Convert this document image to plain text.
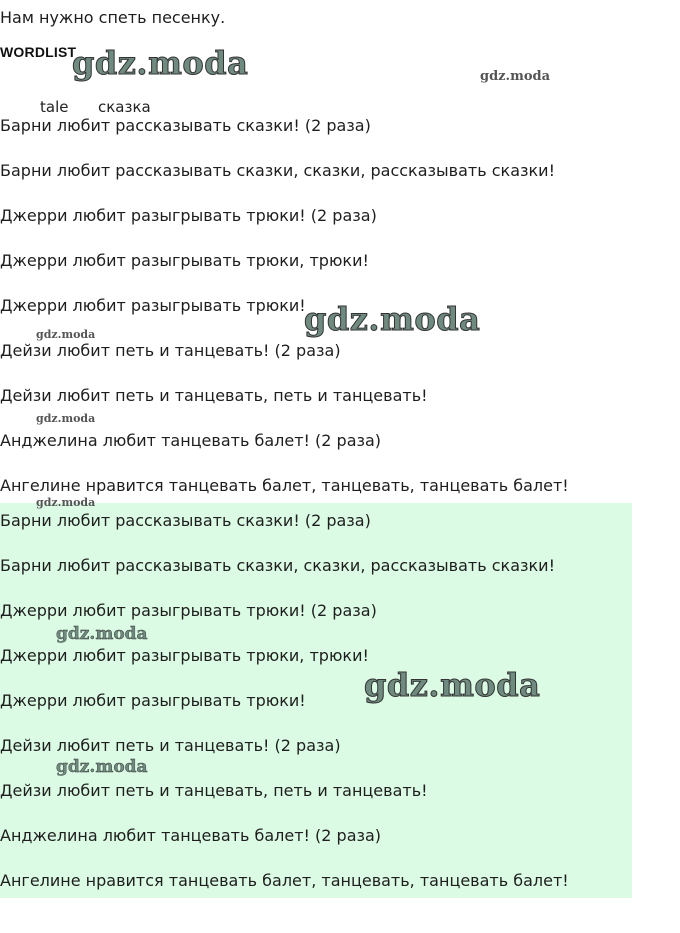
Нам нужно спеть песенку.
WORDLIST
tale сказка
Барни любит рассказывать сказки! (2 раза)
Барни любит рассказывать сказки, сказки, рассказывать сказки!
Джерри любит разыгрывать трюки! (2 раза)
Джерри любит разыгрывать трюки, трюки!
Джерри любит разыгрывать трюки!
Дейзи любит петь и танцевать! (2 раза)
Дейзи любит петь и танцевать, петь и танцевать!
Анджелина любит танцевать балет! (2 раза)
Ангелине нравится танцевать балет, танцевать, танцевать балет!
Барни любит рассказывать сказки! (2 раза)
Барни любит рассказывать сказки, сказки, рассказывать сказки!
Джерри любит разыгрывать трюки! (2 раза)
Джерри любит разыгрывать трюки, трюки!
Джерри любит разыгрывать трюки!
Дейзи любит петь и танцевать! (2 раза)
Дейзи любит петь и танцевать, петь и танцевать!
Анджелина любит танцевать балет! (2 раза)
Ангелине нравится танцевать балет, танцевать, танцевать балет!
gdz.moda	gdz.moda
gdz.moda
gdz.moda
gdz.moda
gdz.moda
gdz.moda
gdz.moda
gdz.moda
